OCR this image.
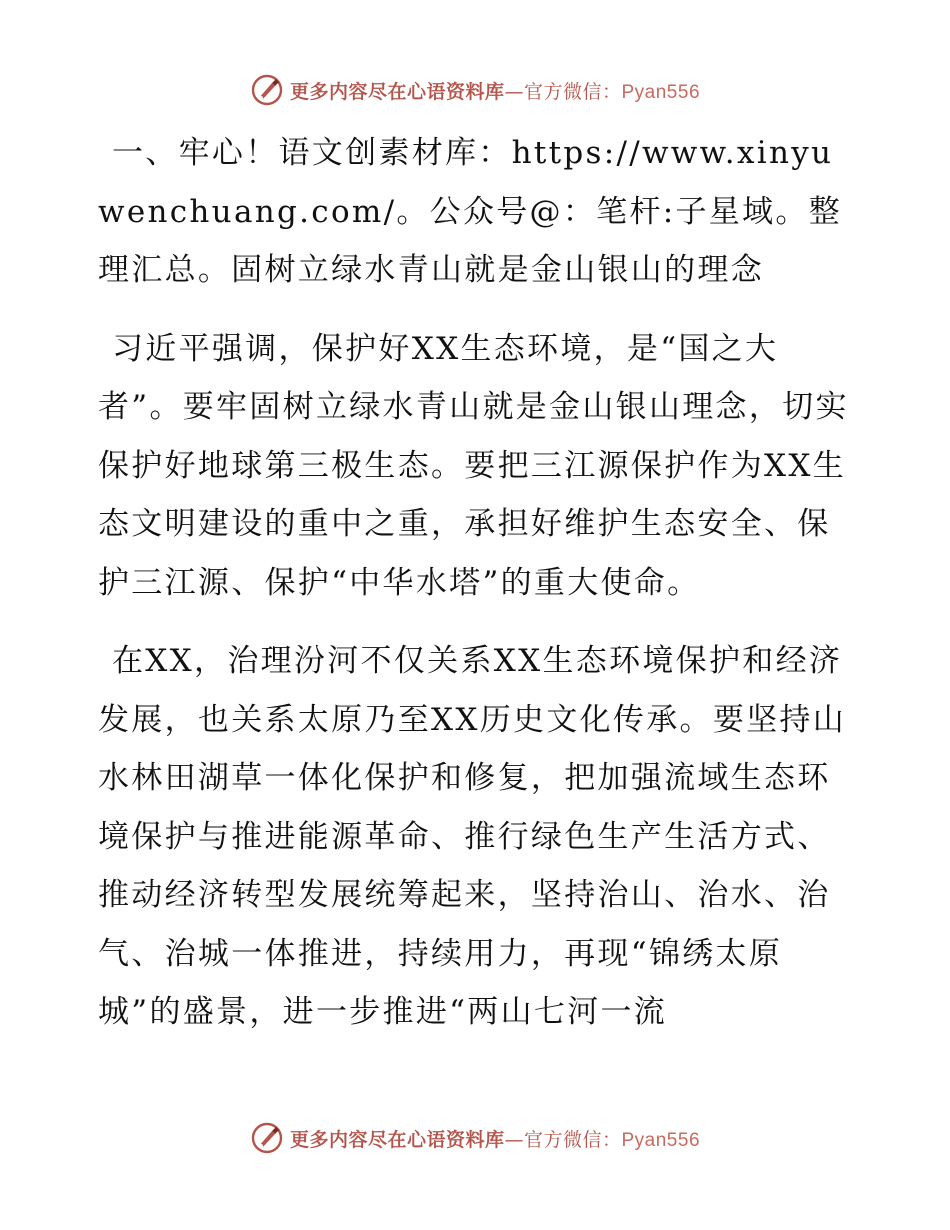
更多内容尽在心语资料库—官方微信：Pyan556

一、牢心！语文创素材库：https://www.xinyuwenchuang.com/。公众号@：笔杆:子星域。整理汇总。固树立绿水青山就是金山银山的理念

习近平强调，保护好XX生态环境，是“国之大者”。要牢固树立绿水青山就是金山银山理念，切实保护好地球第三极生态。要把三江源保护作为XX生态文明建设的重中之重，承担好维护生态安全、保护三江源、保护“中华水塔”的重大使命。

在XX，治理汾河不仅关系XX生态环境保护和经济发展，也关系太原乃至XX历史文化传承。要坚持山水林田湖草一体化保护和修复，把加强流域生态环境保护与推进能源革命、推行绿色生产生活方式、推动经济转型发展统筹起来，坚持治山、治水、治气、治城一体推进，持续用力，再现“锦绣太原城”的盛景，进一步推进“两山七河一流

更多内容尽在心语资料库—官方微信：Pyan556
